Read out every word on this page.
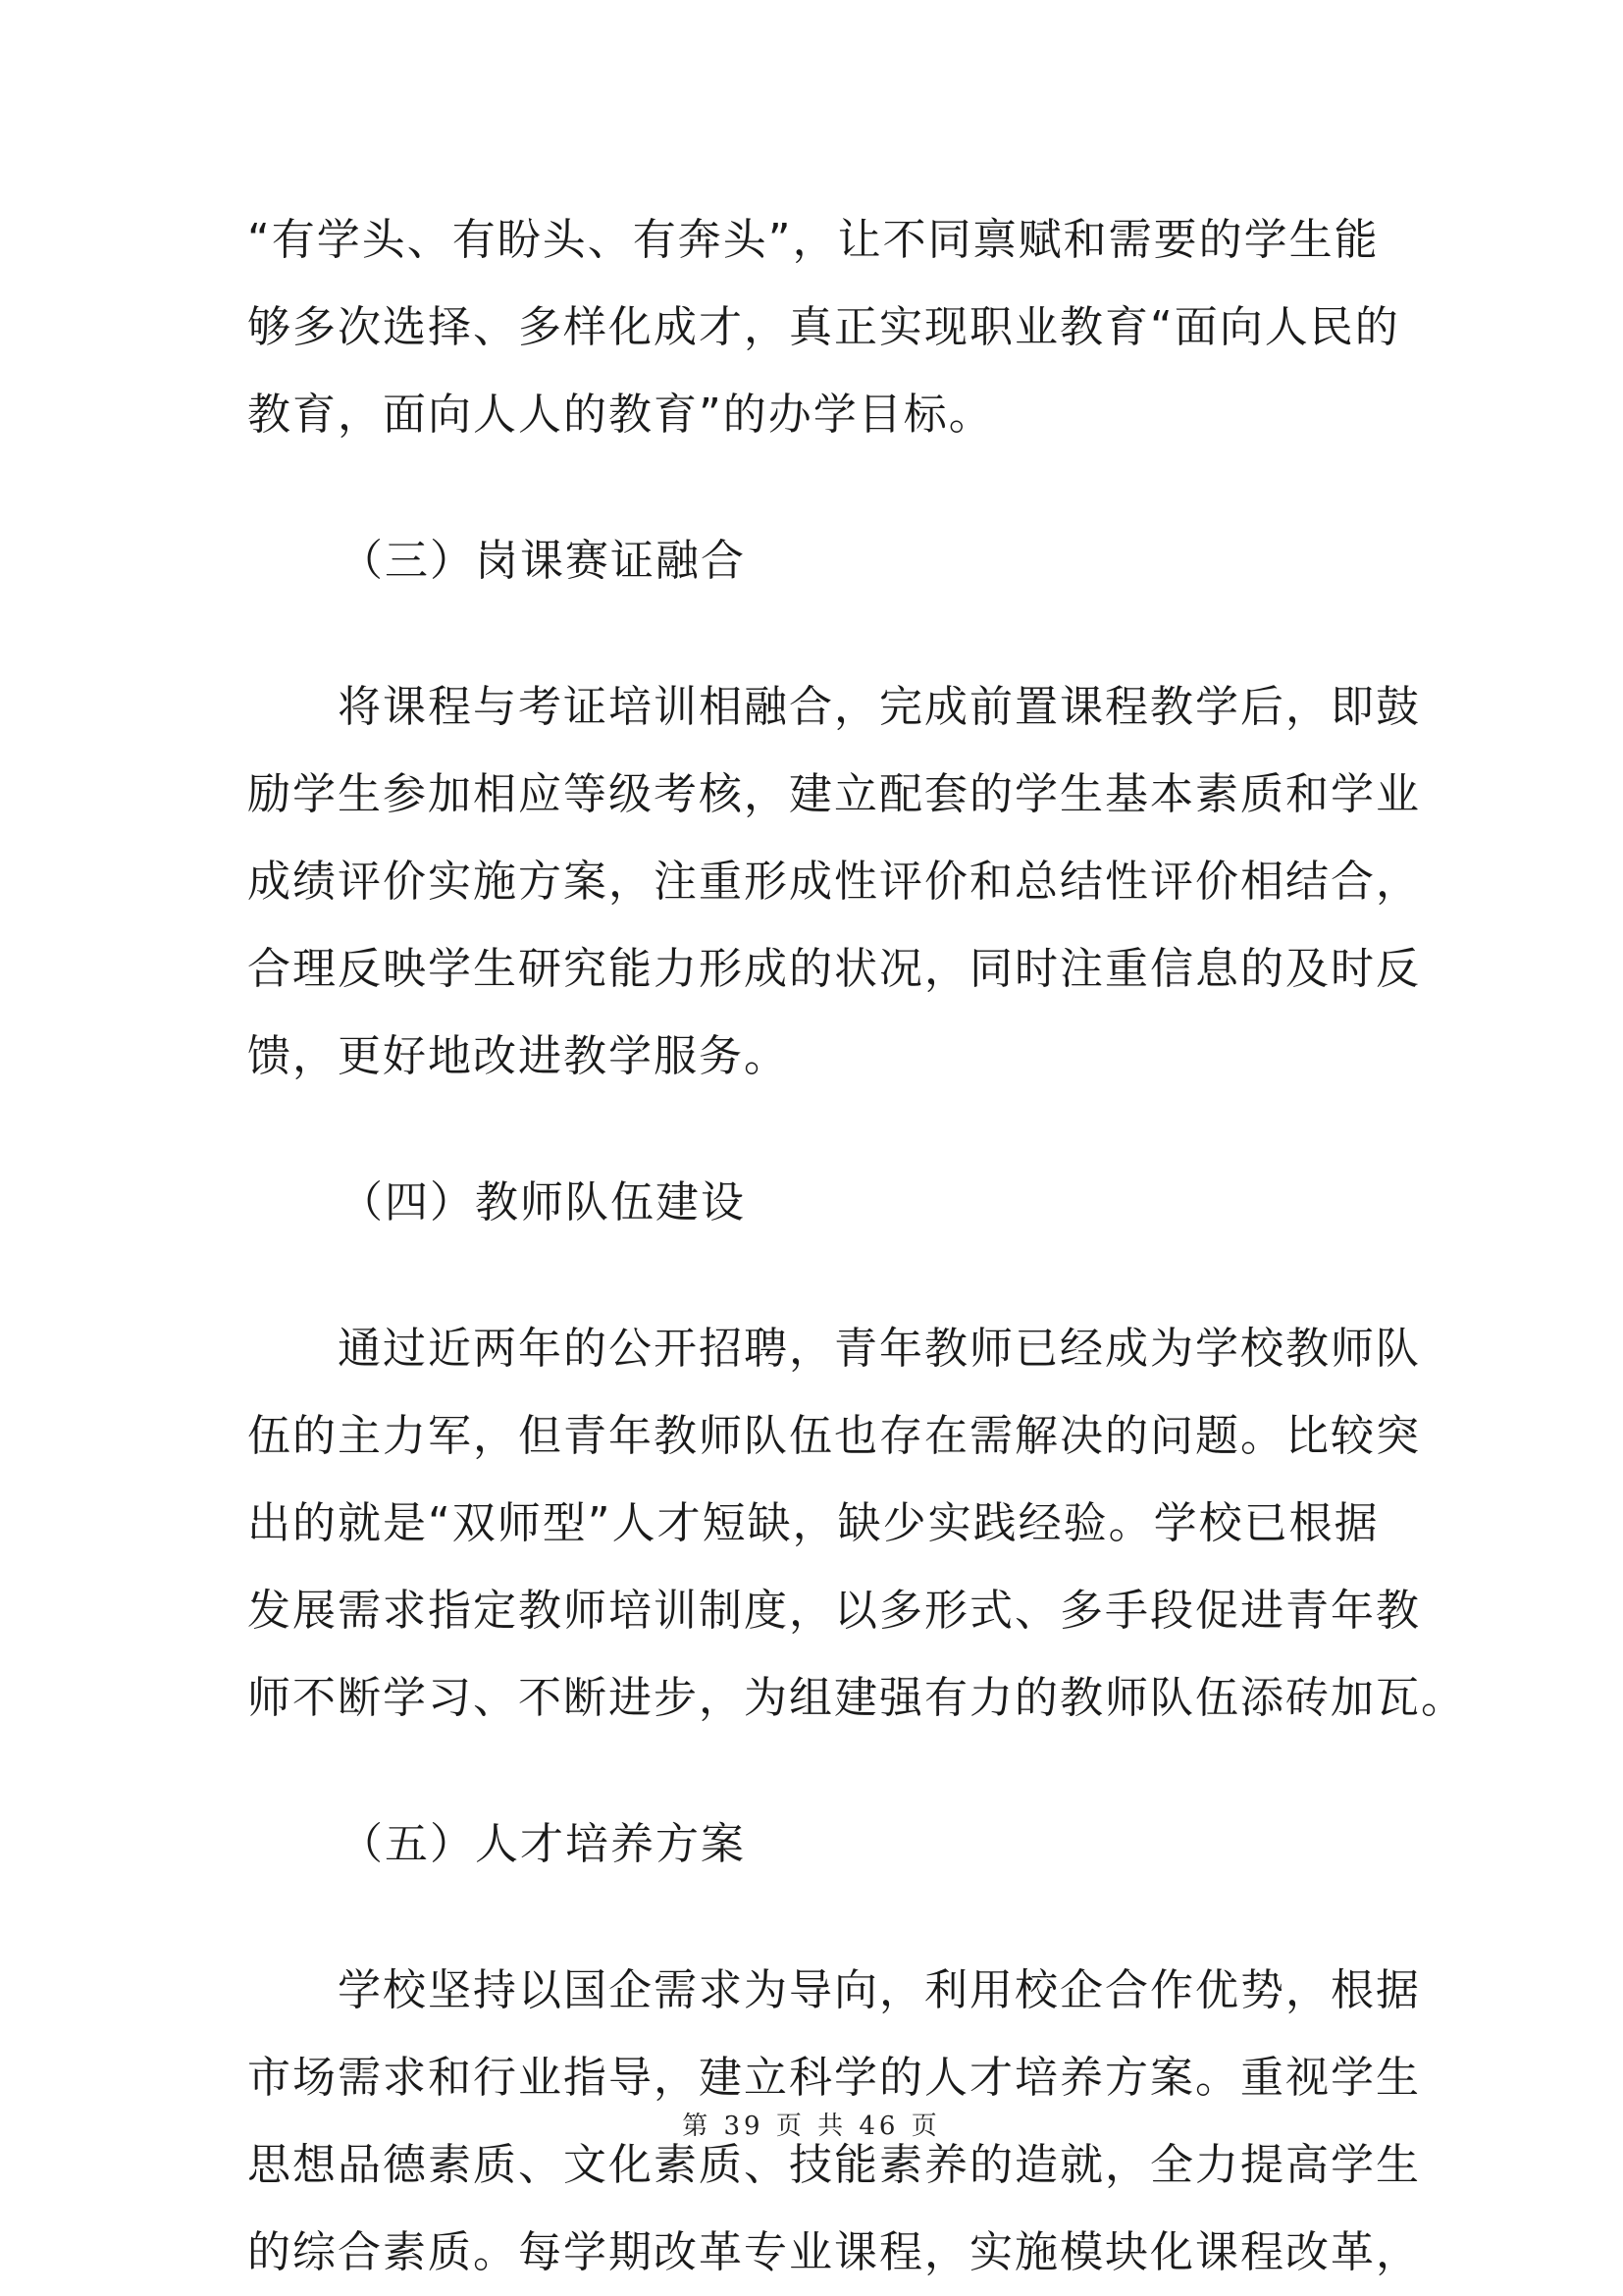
“有学头、有盼头、有奔头”，让不同禀赋和需要的学生能
够多次选择、多样化成才，真正实现职业教育“面向人民的
教育，面向人人的教育”的办学目标。
（三）岗课赛证融合
　　将课程与考证培训相融合，完成前置课程教学后，即鼓
励学生参加相应等级考核，建立配套的学生基本素质和学业
成绩评价实施方案，注重形成性评价和总结性评价相结合，
合理反映学生研究能力形成的状况，同时注重信息的及时反
馈，更好地改进教学服务。
（四）教师队伍建设
　　通过近两年的公开招聘，青年教师已经成为学校教师队
伍的主力军，但青年教师队伍也存在需解决的问题。比较突
出的就是“双师型”人才短缺，缺少实践经验。学校已根据
发展需求指定教师培训制度，以多形式、多手段促进青年教
师不断学习、不断进步，为组建强有力的教师队伍添砖加瓦。
（五）人才培养方案
　　学校坚持以国企需求为导向，利用校企合作优势，根据
市场需求和行业指导，建立科学的人才培养方案。重视学生
思想品德素质、文化素质、技能素养的造就，全力提高学生
的综合素质。每学期改革专业课程，实施模块化课程改革，
第 39 页 共 46 页
